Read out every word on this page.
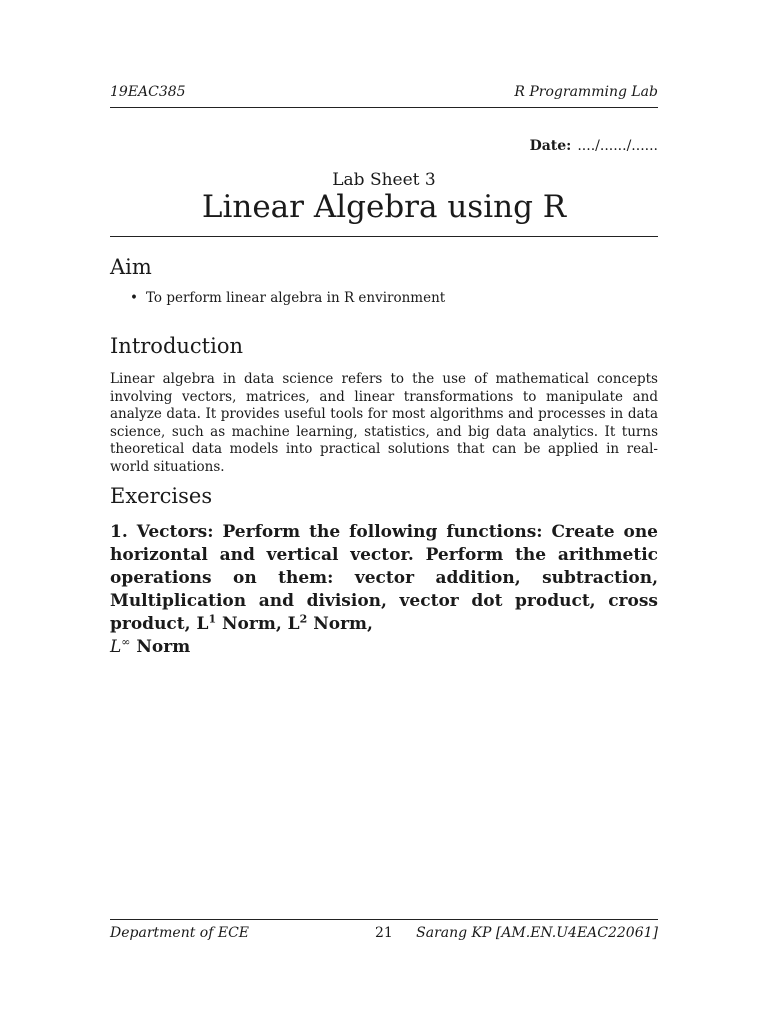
19EAC385	R Programming Lab
Date: ..../....../......
Lab Sheet 3
Linear Algebra using R
Aim
• To perform linear algebra in R environment
Introduction

Linear algebra in data science refers to the use of mathematical concepts involving vectors, matrices, and linear transformations to manipulate and analyze data. It provides useful tools for most algorithms and processes in data science, such as machine learning, statistics, and big data analytics. It turns theoretical data models into practical solutions that can be applied in real-world situations.

Exercises

1. Vectors: Perform the following functions: Create one horizontal and vertical vector. Perform the arithmetic operations on them: vector addition, subtraction, Multiplication and division, vector dot product, cross product, $L^1$ Norm, $L^2$ Norm,
L∞ Norm

Department of ECE	21 Sarang KP [AM.EN.U4EAC22061]
